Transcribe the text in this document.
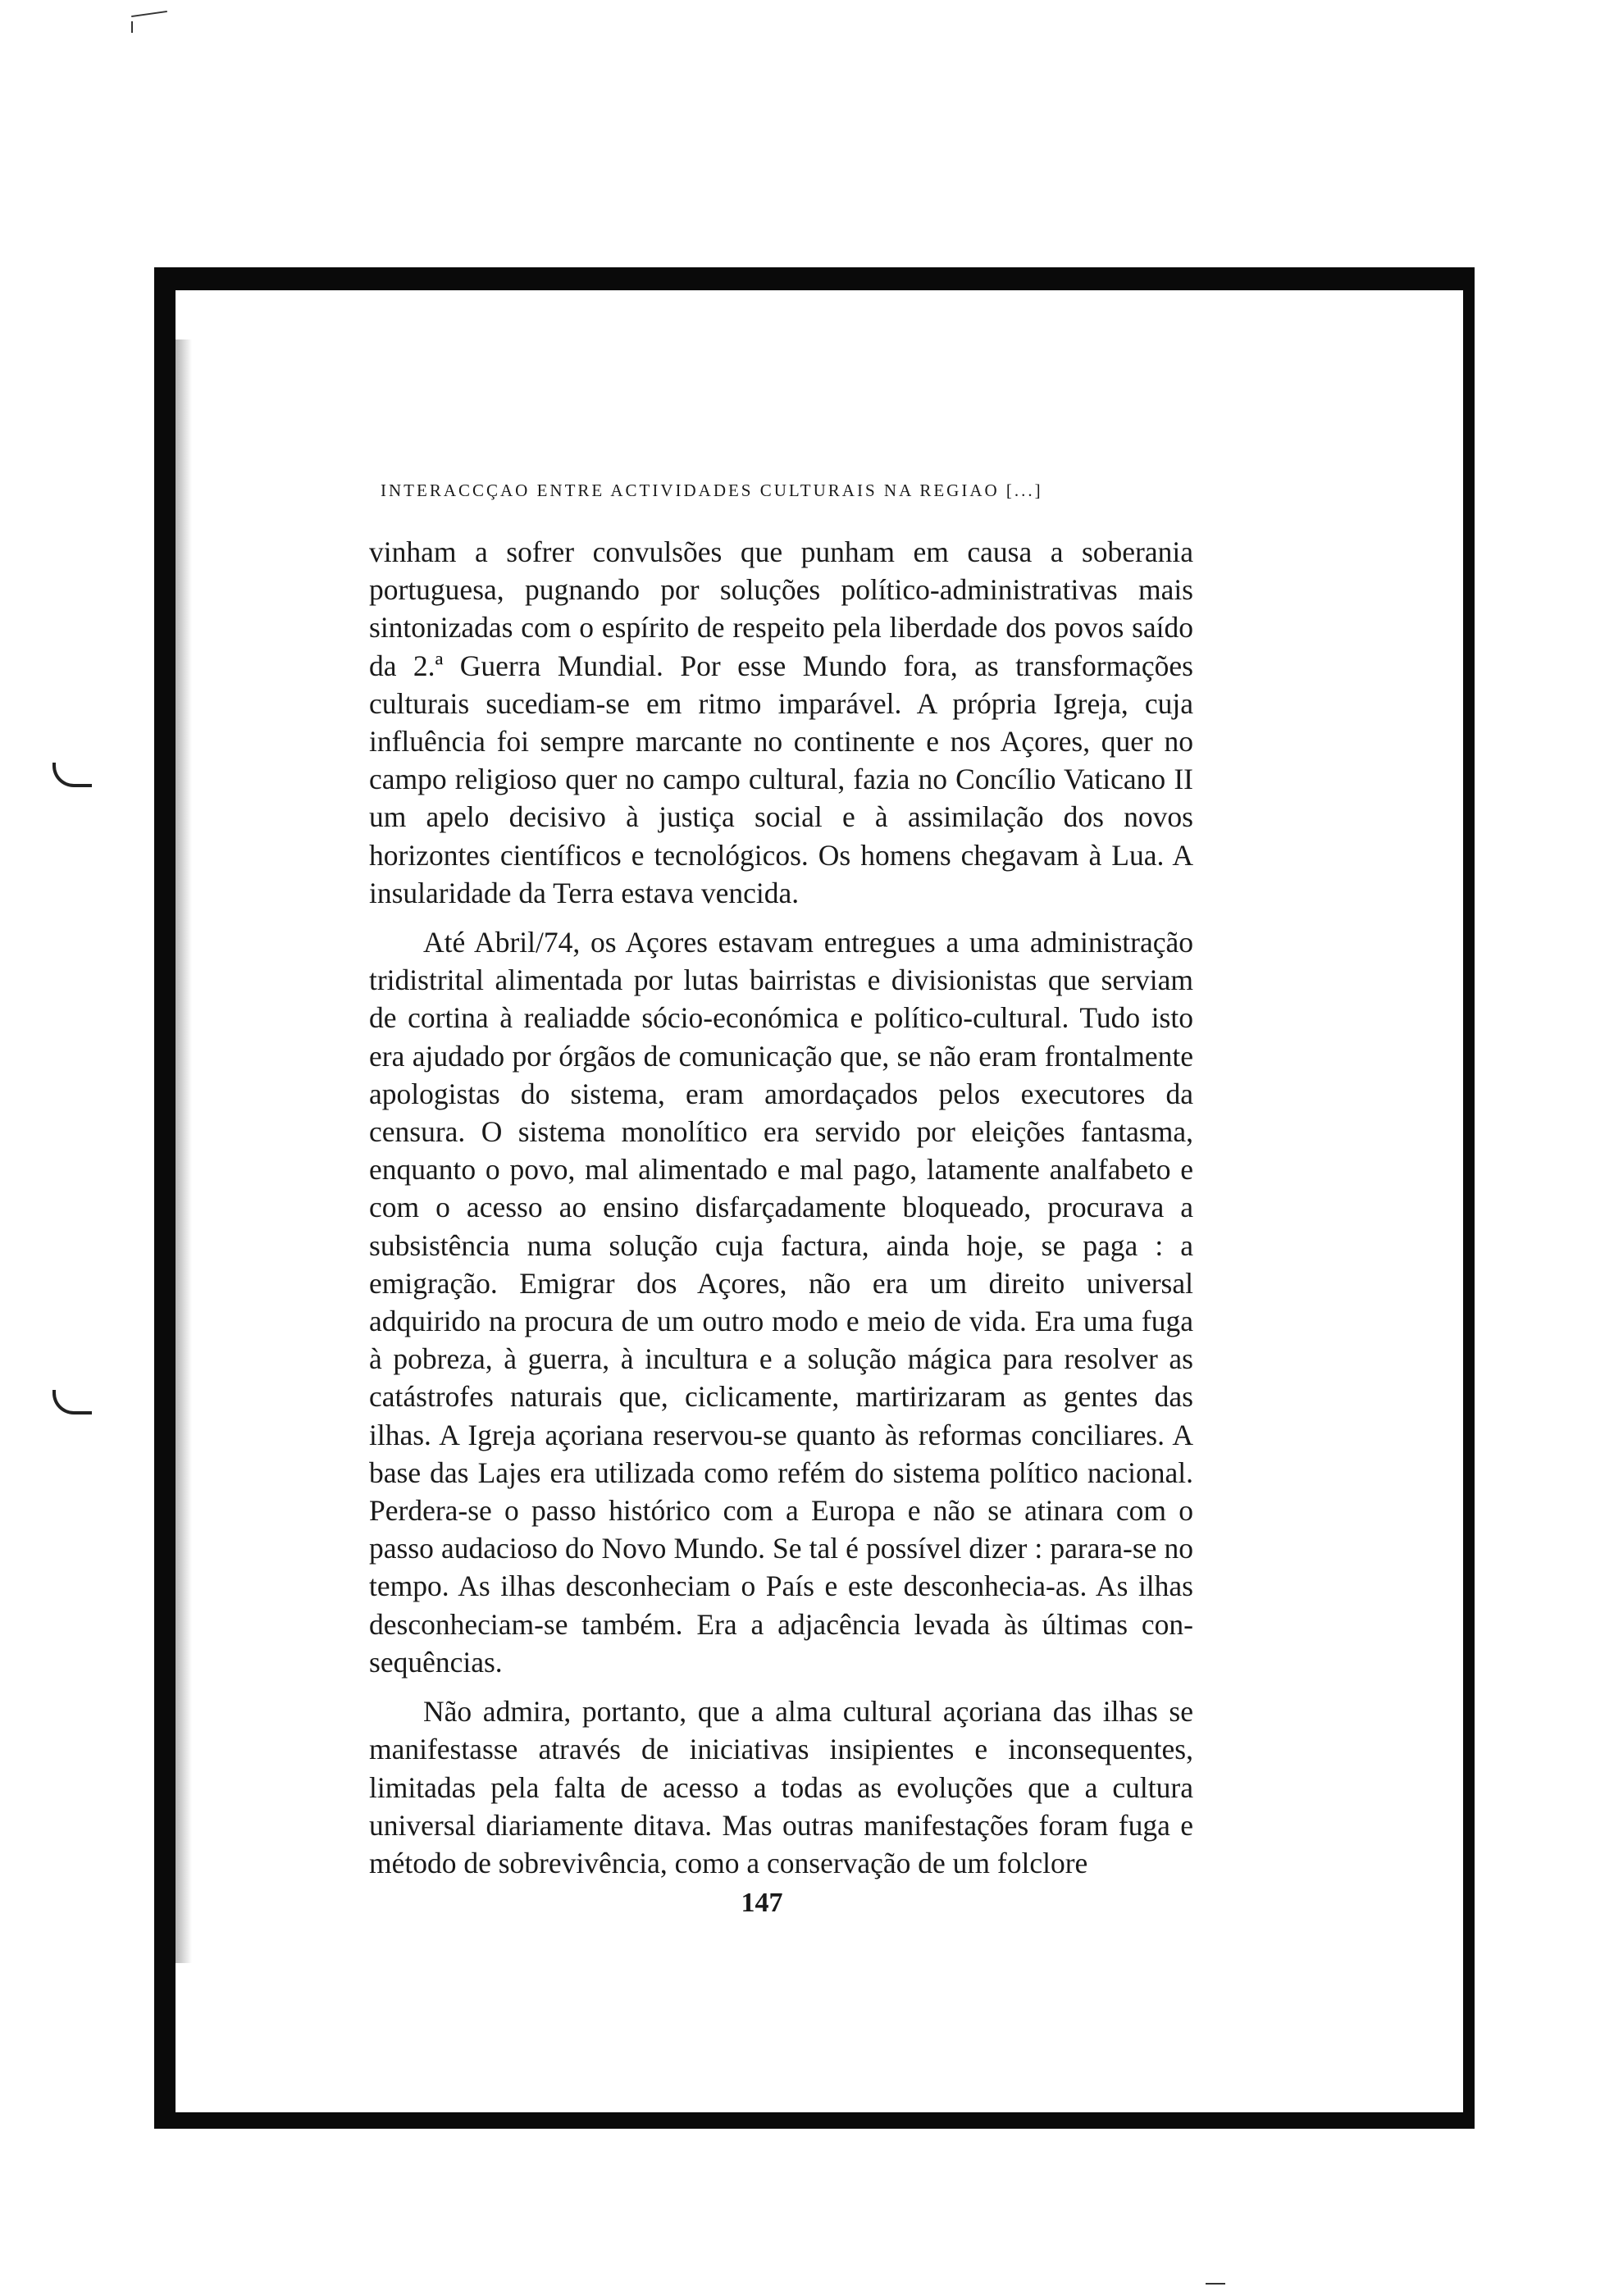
INTERACCÇAO ENTRE ACTIVIDADES CULTURAIS NA REGIAO [...]

vinham a sofrer convulsões que punham em causa a soberania portuguesa, pugnando por soluções político-administrativas mais sintonizadas com o espírito de respeito pela liberdade dos povos saído da 2.ª Guerra Mundial. Por esse Mundo fora, as transformações culturais sucediam-se em ritmo imparável. A própria Igreja, cuja influência foi sempre marcante no continente e nos Açores, quer no campo religioso quer no campo cultural, fazia no Concílio Vaticano II um apelo decisivo à justiça social e à assimilação dos novos horizontes científicos e tecnológicos. Os homens chegavam à Lua. A insularidade da Terra estava vencida.

Até Abril/74, os Açores estavam entregues a uma administração tridistrital alimentada por lutas bairristas e divisionistas que serviam de cortina à realiadde sócio-económica e político-cultural. Tudo isto era ajudado por órgãos de comunicação que, se não eram frontalmente apologistas do sistema, eram amordaçados pelos executores da censura. O sistema monolítico era servido por eleições fantasma, enquanto o povo, mal alimentado e mal pago, latamente analfabeto e com o acesso ao ensino disfarçadamente bloqueado, procurava a subsistência numa solução cuja factura, ainda hoje, se paga : a emigração. Emigrar dos Açores, não era um direito universal adquirido na procura de um outro modo e meio de vida. Era uma fuga à pobreza, à guerra, à incultura e a solução mágica para resolver as catástrofes naturais que, ciclicamente, martirizaram as gentes das ilhas. A Igreja açoriana reservou-se quanto às reformas conciliares. A base das Lajes era utilizada como refém do sistema político nacional. Perdera-se o passo histórico com a Europa e não se atinara com o passo audacioso do Novo Mundo. Se tal é possível dizer : parara-se no tempo. As ilhas desconheciam o País e este desconhecia-as. As ilhas desconheciam-se também. Era a adjacência levada às últimas consequências.

Não admira, portanto, que a alma cultural açoriana das ilhas se manifestasse através de iniciativas insipientes e inconsequentes, limitadas pela falta de acesso a todas as evoluções que a cultura universal diariamente ditava. Mas outras manifestações foram fuga e método de sobrevivência, como a conservação de um folclore

147
